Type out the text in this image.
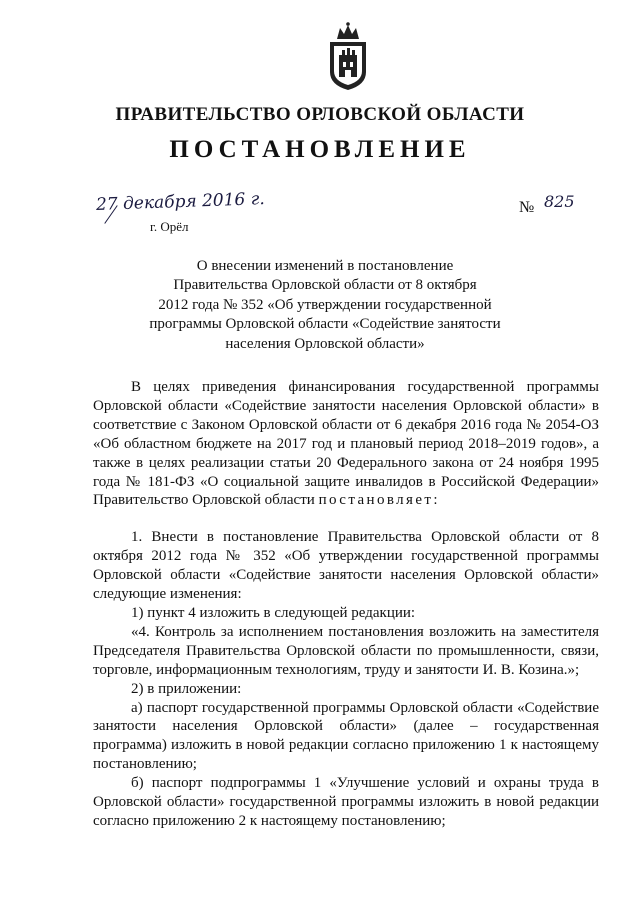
ПРАВИТЕЛЬСТВО ОРЛОВСКОЙ ОБЛАСТИ
ПОСТАНОВЛЕНИЕ
27 декабря 2016 г.
г. Орёл
№ 825
О внесении изменений в постановление
Правительства Орловской области от 8 октября
2012 года № 352 «Об утверждении государственной
программы Орловской области «Содействие занятости
населения Орловской области»

В целях приведения финансирования государственной программы Орловской области «Содействие занятости населения Орловской области» в соответствие с Законом Орловской области от 6 декабря 2016 года № 2054-ОЗ «Об областном бюджете на 2017 год и плановый период 2018–2019 годов», а также в целях реализации статьи 20 Федерального закона от 24 ноября 1995 года № 181-ФЗ «О социальной защите инвалидов в Российской Федерации» Правительство Орловской области постановляет:

1. Внести в постановление Правительства Орловской области от 8 октября 2012 года № 352 «Об утверждении государственной программы Орловской области «Содействие занятости населения Орловской области» следующие изменения:

1) пункт 4 изложить в следующей редакции:

«4. Контроль за исполнением постановления возложить на заместителя Председателя Правительства Орловской области по промышленности, связи, торговле, информационным технологиям, труду и занятости И. В. Козина.»;

2) в приложении:

а) паспорт государственной программы Орловской области «Содействие занятости населения Орловской области» (далее – государственная программа) изложить в новой редакции согласно приложению 1 к настоящему постановлению;

б) паспорт подпрограммы 1 «Улучшение условий и охраны труда в Орловской области» государственной программы изложить в новой редакции согласно приложению 2 к настоящему постановлению;
